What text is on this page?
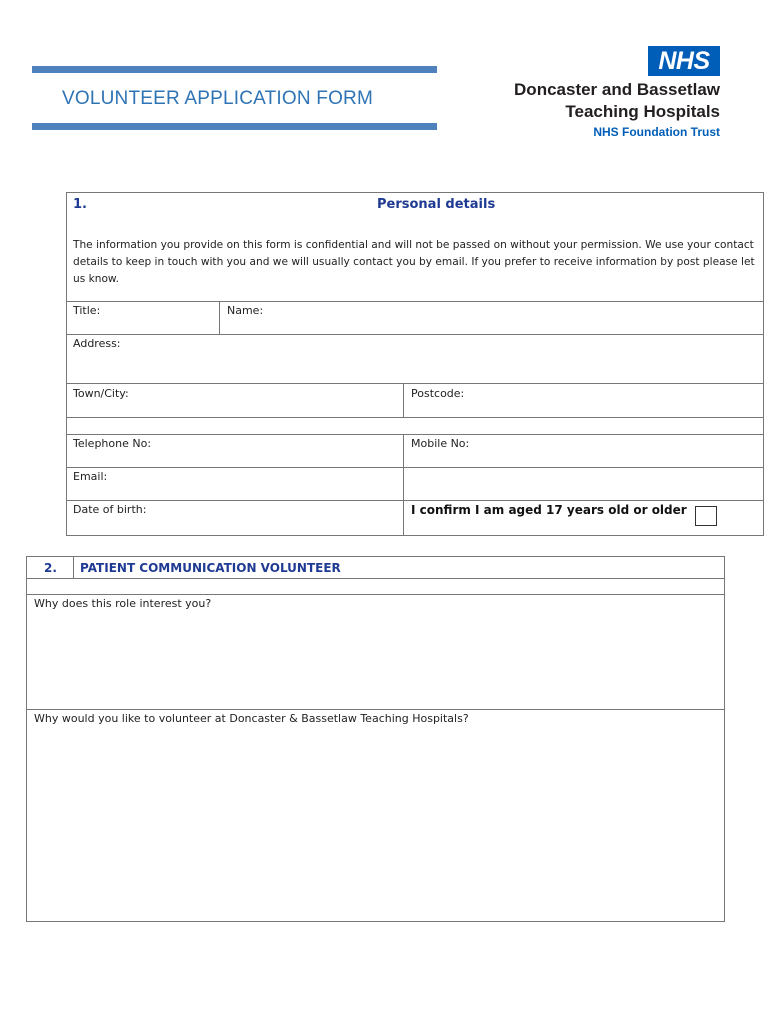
VOLUNTEER APPLICATION FORM
NHS
Doncaster and Bassetlaw
Teaching Hospitals
NHS Foundation Trust
1.	Personal details
The information you provide on this form is confidential and will not be passed on without your permission. We use your contact details to keep in touch with you and we will usually contact you by email. If you prefer to receive information by post please let us know.
Title:	Name:
Address:
Town/City:	Postcode:
Telephone No:	Mobile No:
Email:
Date of birth:	I confirm I am aged 17 years old or older
2. PATIENT COMMUNICATION VOLUNTEER
Why does this role interest you?
Why would you like to volunteer at Doncaster & Bassetlaw Teaching Hospitals?
